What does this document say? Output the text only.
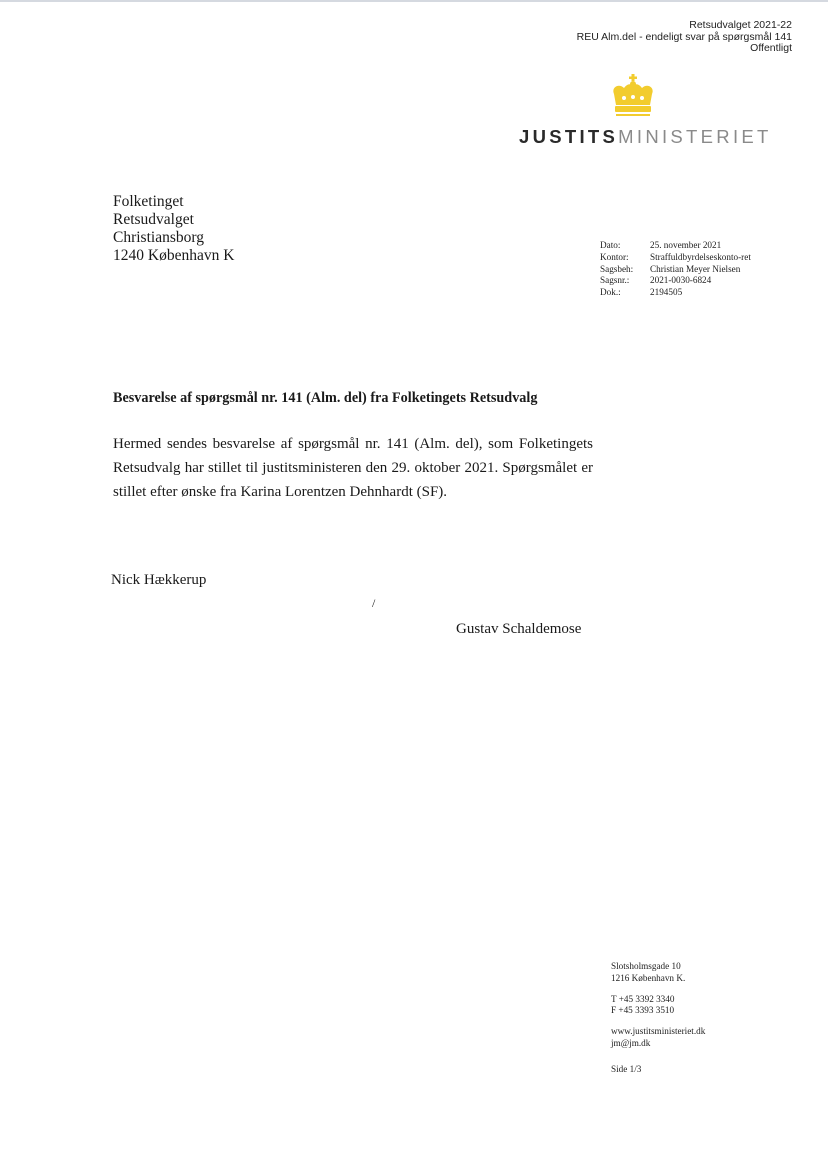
Retsudvalget 2021-22
REU Alm.del - endeligt svar på spørgsmål 141
Offentligt
JUSTITSMINISTERIET
Folketinget
Retsudvalget
Christiansborg
1240 København K
Dato:	25. november 2021
Kontor:	Straffuldbyrdelseskonto-ret
Sagsbeh:	Christian Meyer Nielsen
Sagsnr.:	2021-0030-6824
Dok.:	2194505
Besvarelse af spørgsmål nr. 141 (Alm. del) fra Folketingets Retsudvalg
Hermed sendes besvarelse af spørgsmål nr. 141 (Alm. del), som Folketingets Retsudvalg har stillet til justitsministeren den 29. oktober 2021. Spørgsmålet er stillet efter ønske fra Karina Lorentzen Dehnhardt (SF).
Nick Hækkerup
/
Gustav Schaldemose
Slotsholmsgade 10
1216 København K.
T +45 3392 3340
F +45 3393 3510
www.justitsministeriet.dk
jm@jm.dk
Side 1/3
